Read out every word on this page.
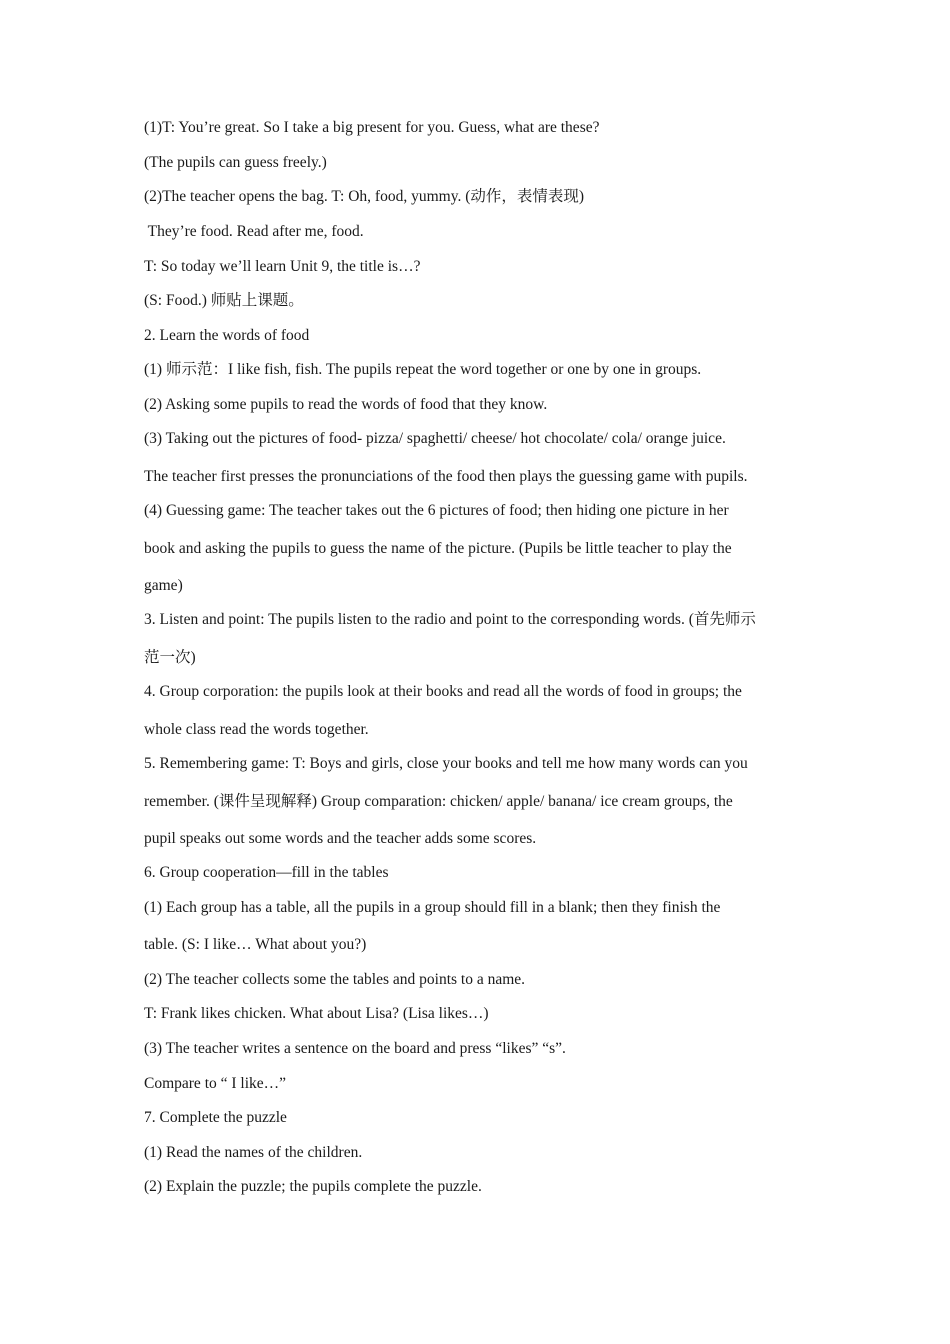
(1)T: You’re great. So I take a big present for you. Guess, what are these?
(The pupils can guess freely.)
(2)The teacher opens the bag. T: Oh, food, yummy. (动作，表情表现)
They’re food. Read after me, food.
T: So today we’ll learn Unit 9, the title is…?
(S: Food.) 师贴上课题。
2. Learn the words of food
(1) 师示范：I like fish, fish. The pupils repeat the word together or one by one in groups.
(2) Asking some pupils to read the words of food that they know.
(3) Taking out the pictures of food- pizza/ spaghetti/ cheese/ hot chocolate/ cola/ orange juice.
The teacher first presses the pronunciations of the food then plays the guessing game with pupils.
(4) Guessing game: The teacher takes out the 6 pictures of food; then hiding one picture in her
book and asking the pupils to guess the name of the picture. (Pupils be little teacher to play the
game)
3. Listen and point: The pupils listen to the radio and point to the corresponding words. (首先师示
范一次)
4. Group corporation: the pupils look at their books and read all the words of food in groups; the
whole class read the words together.
5. Remembering game: T: Boys and girls, close your books and tell me how many words can you
remember. (课件呈现解释) Group comparation: chicken/ apple/ banana/ ice cream groups, the
pupil speaks out some words and the teacher adds some scores.
6. Group cooperation—fill in the tables
(1) Each group has a table, all the pupils in a group should fill in a blank; then they finish the
table. (S: I like… What about you?)
(2) The teacher collects some the tables and points to a name.
T: Frank likes chicken. What about Lisa? (Lisa likes…)
(3) The teacher writes a sentence on the board and press “likes” “s”.
Compare to “ I like…”
7. Complete the puzzle
(1) Read the names of the children.
(2) Explain the puzzle; the pupils complete the puzzle.
